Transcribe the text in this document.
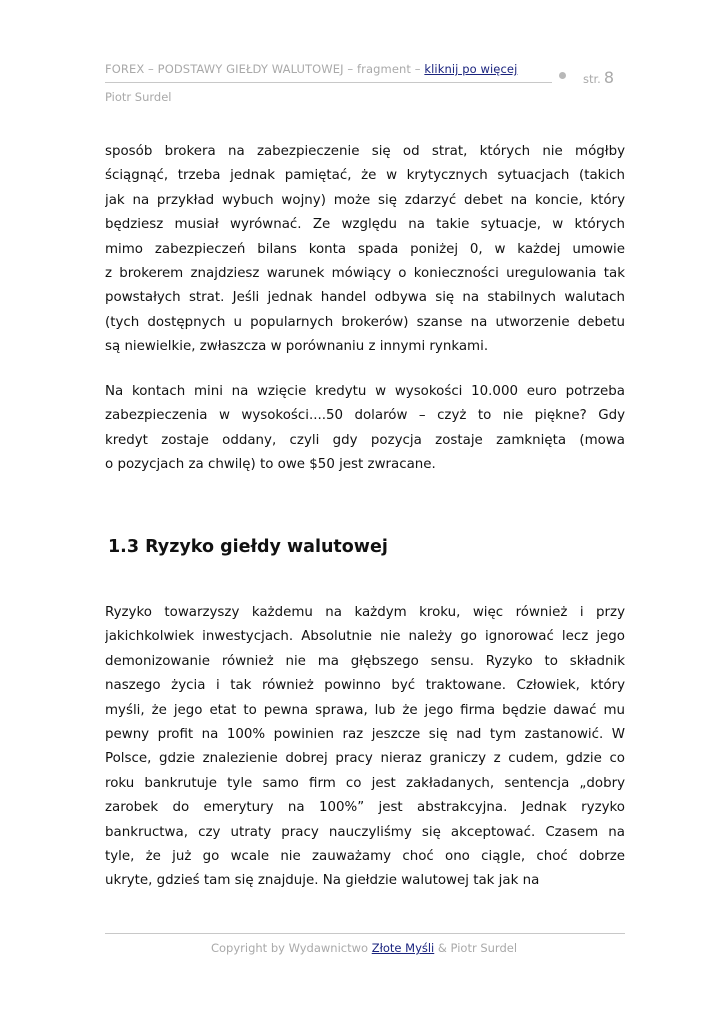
FOREX – PODSTAWY GIEŁDY WALUTOWEJ – fragment – kliknij po więcej
str. 8
Piotr Surdel
sposób brokera na zabezpieczenie się od strat, których nie mógłby
ściągnąć, trzeba jednak pamiętać, że w krytycznych sytuacjach (takich
jak na przykład wybuch wojny) może się zdarzyć debet na koncie, który
będziesz musiał wyrównać. Ze względu na takie sytuacje, w których
mimo zabezpieczeń bilans konta spada poniżej 0, w każdej umowie
z brokerem znajdziesz warunek mówiący o konieczności uregulowania tak
powstałych strat. Jeśli jednak handel odbywa się na stabilnych walutach
(tych dostępnych u popularnych brokerów) szanse na utworzenie debetu
są niewielkie, zwłaszcza w porównaniu z innymi rynkami.
Na kontach mini na wzięcie kredytu w wysokości 10.000 euro potrzeba
zabezpieczenia w wysokości....50 dolarów – czyż to nie piękne? Gdy
kredyt zostaje oddany, czyli gdy pozycja zostaje zamknięta (mowa
o pozycjach za chwilę) to owe $50 jest zwracane.
1.3 Ryzyko giełdy walutowej
Ryzyko towarzyszy każdemu na każdym kroku, więc również i przy
jakichkolwiek inwestycjach. Absolutnie nie należy go ignorować lecz jego
demonizowanie również nie ma głębszego sensu. Ryzyko to składnik
naszego życia i tak również powinno być traktowane. Człowiek, który
myśli, że jego etat to pewna sprawa, lub że jego firma będzie dawać mu
pewny profit na 100% powinien raz jeszcze się nad tym zastanowić. W
Polsce, gdzie znalezienie dobrej pracy nieraz graniczy z cudem, gdzie co
roku bankrutuje tyle samo firm co jest zakładanych, sentencja „dobry
zarobek do emerytury na 100%” jest abstrakcyjna. Jednak ryzyko
bankructwa, czy utraty pracy nauczyliśmy się akceptować. Czasem na
tyle, że już go wcale nie zauważamy choć ono ciągle, choć dobrze
ukryte, gdzieś tam się znajduje. Na giełdzie walutowej tak jak na
Copyright by Wydawnictwo Złote Myśli & Piotr Surdel
